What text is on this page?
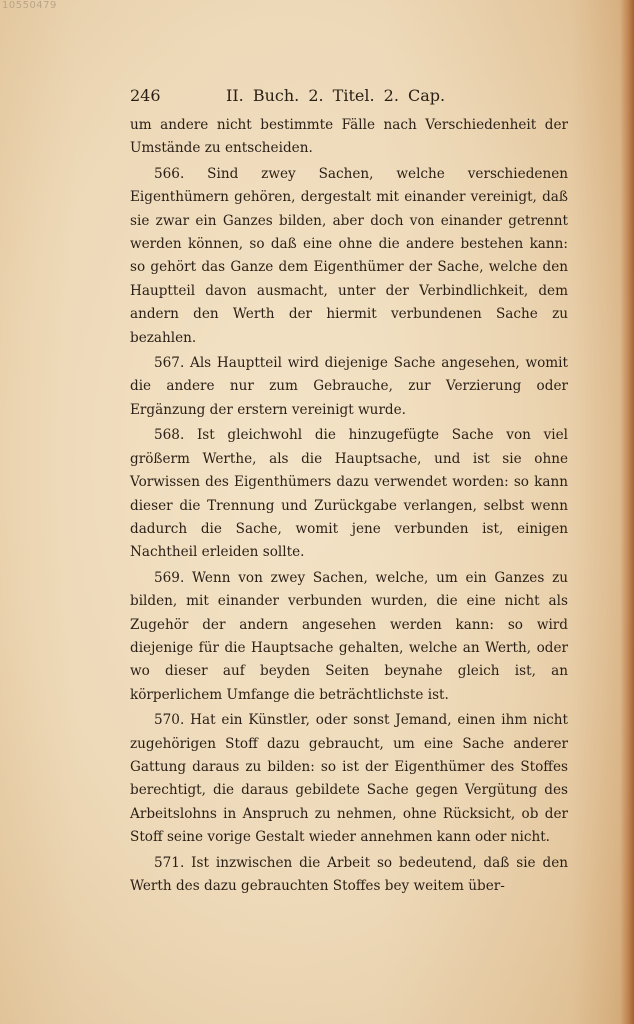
10550479
246	II. Buch. 2. Titel. 2. Cap.

um andere nicht bestimmte Fälle nach Verschiedenheit der Umstände zu entscheiden.

566. Sind zwey Sachen, welche verschiedenen Eigenthümern gehören, dergestalt mit einander vereinigt, daß sie zwar ein Ganzes bilden, aber doch von einander getrennt werden können, so daß eine ohne die andere bestehen kann: so gehört das Ganze dem Eigenthümer der Sache, welche den Hauptteil davon ausmacht, unter der Verbindlichkeit, dem andern den Werth der hiermit verbundenen Sache zu bezahlen.

567. Als Hauptteil wird diejenige Sache angesehen, womit die andere nur zum Gebrauche, zur Verzierung oder Ergänzung der erstern vereinigt wurde.

568. Ist gleichwohl die hinzugefügte Sache von viel größerm Werthe, als die Hauptsache, und ist sie ohne Vorwissen des Eigenthümers dazu verwendet worden: so kann dieser die Trennung und Zurückgabe verlangen, selbst wenn dadurch die Sache, womit jene verbunden ist, einigen Nachtheil erleiden sollte.

569. Wenn von zwey Sachen, welche, um ein Ganzes zu bilden, mit einander verbunden wurden, die eine nicht als Zugehör der andern angesehen werden kann: so wird diejenige für die Hauptsache gehalten, welche an Werth, oder wo dieser auf beyden Seiten beynahe gleich ist, an körperlichem Umfange die beträchtlichste ist.

570. Hat ein Künstler, oder sonst Jemand, einen ihm nicht zugehörigen Stoff dazu gebraucht, um eine Sache anderer Gattung daraus zu bilden: so ist der Eigenthümer des Stoffes berechtigt, die daraus gebildete Sache gegen Vergütung des Arbeitslohns in Anspruch zu nehmen, ohne Rücksicht, ob der Stoff seine vorige Gestalt wieder annehmen kann oder nicht.

571. Ist inzwischen die Arbeit so bedeutend, daß sie den Werth des dazu gebrauchten Stoffes bey weitem über-
